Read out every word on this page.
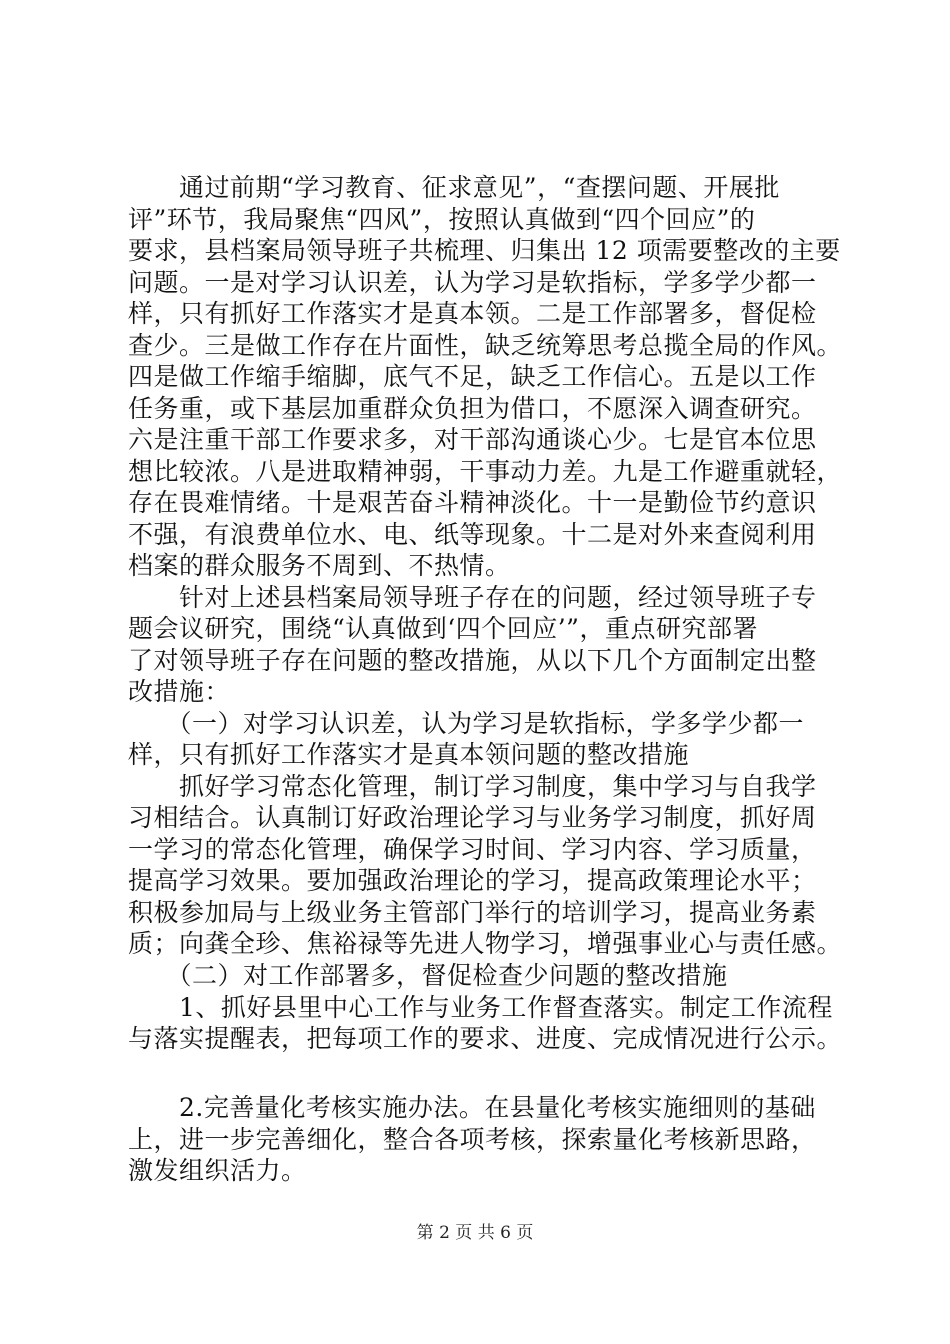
　　通过前期“学习教育、征求意见”，“查摆问题、开展批
评”环节，我局聚焦“四风”，按照认真做到“四个回应”的
要求，县档案局领导班子共梳理、归集出 12 项需要整改的主要
问题。一是对学习认识差，认为学习是软指标，学多学少都一
样，只有抓好工作落实才是真本领。二是工作部署多，督促检
查少。三是做工作存在片面性，缺乏统筹思考总揽全局的作风。
四是做工作缩手缩脚，底气不足，缺乏工作信心。五是以工作
任务重，或下基层加重群众负担为借口，不愿深入调查研究。
六是注重干部工作要求多，对干部沟通谈心少。七是官本位思
想比较浓。八是进取精神弱，干事动力差。九是工作避重就轻，
存在畏难情绪。十是艰苦奋斗精神淡化。十一是勤俭节约意识
不强，有浪费单位水、电、纸等现象。十二是对外来查阅利用
档案的群众服务不周到、不热情。
　　针对上述县档案局领导班子存在的问题，经过领导班子专
题会议研究，围绕“认真做到‘四个回应’”，重点研究部署
了对领导班子存在问题的整改措施，从以下几个方面制定出整
改措施：
　　（一）对学习认识差，认为学习是软指标，学多学少都一
样，只有抓好工作落实才是真本领问题的整改措施
　　抓好学习常态化管理，制订学习制度，集中学习与自我学
习相结合。认真制订好政治理论学习与业务学习制度，抓好周
一学习的常态化管理，确保学习时间、学习内容、学习质量，
提高学习效果。要加强政治理论的学习，提高政策理论水平；
积极参加局与上级业务主管部门举行的培训学习，提高业务素
质；向龚全珍、焦裕禄等先进人物学习，增强事业心与责任感。
　　（二）对工作部署多，督促检查少问题的整改措施
　　1、抓好县里中心工作与业务工作督查落实。制定工作流程
与落实提醒表，把每项工作的要求、进度、完成情况进行公示。
　　2.完善量化考核实施办法。在县量化考核实施细则的基础
上，进一步完善细化，整合各项考核，探索量化考核新思路，
激发组织活力。
第 2 页 共 6 页
